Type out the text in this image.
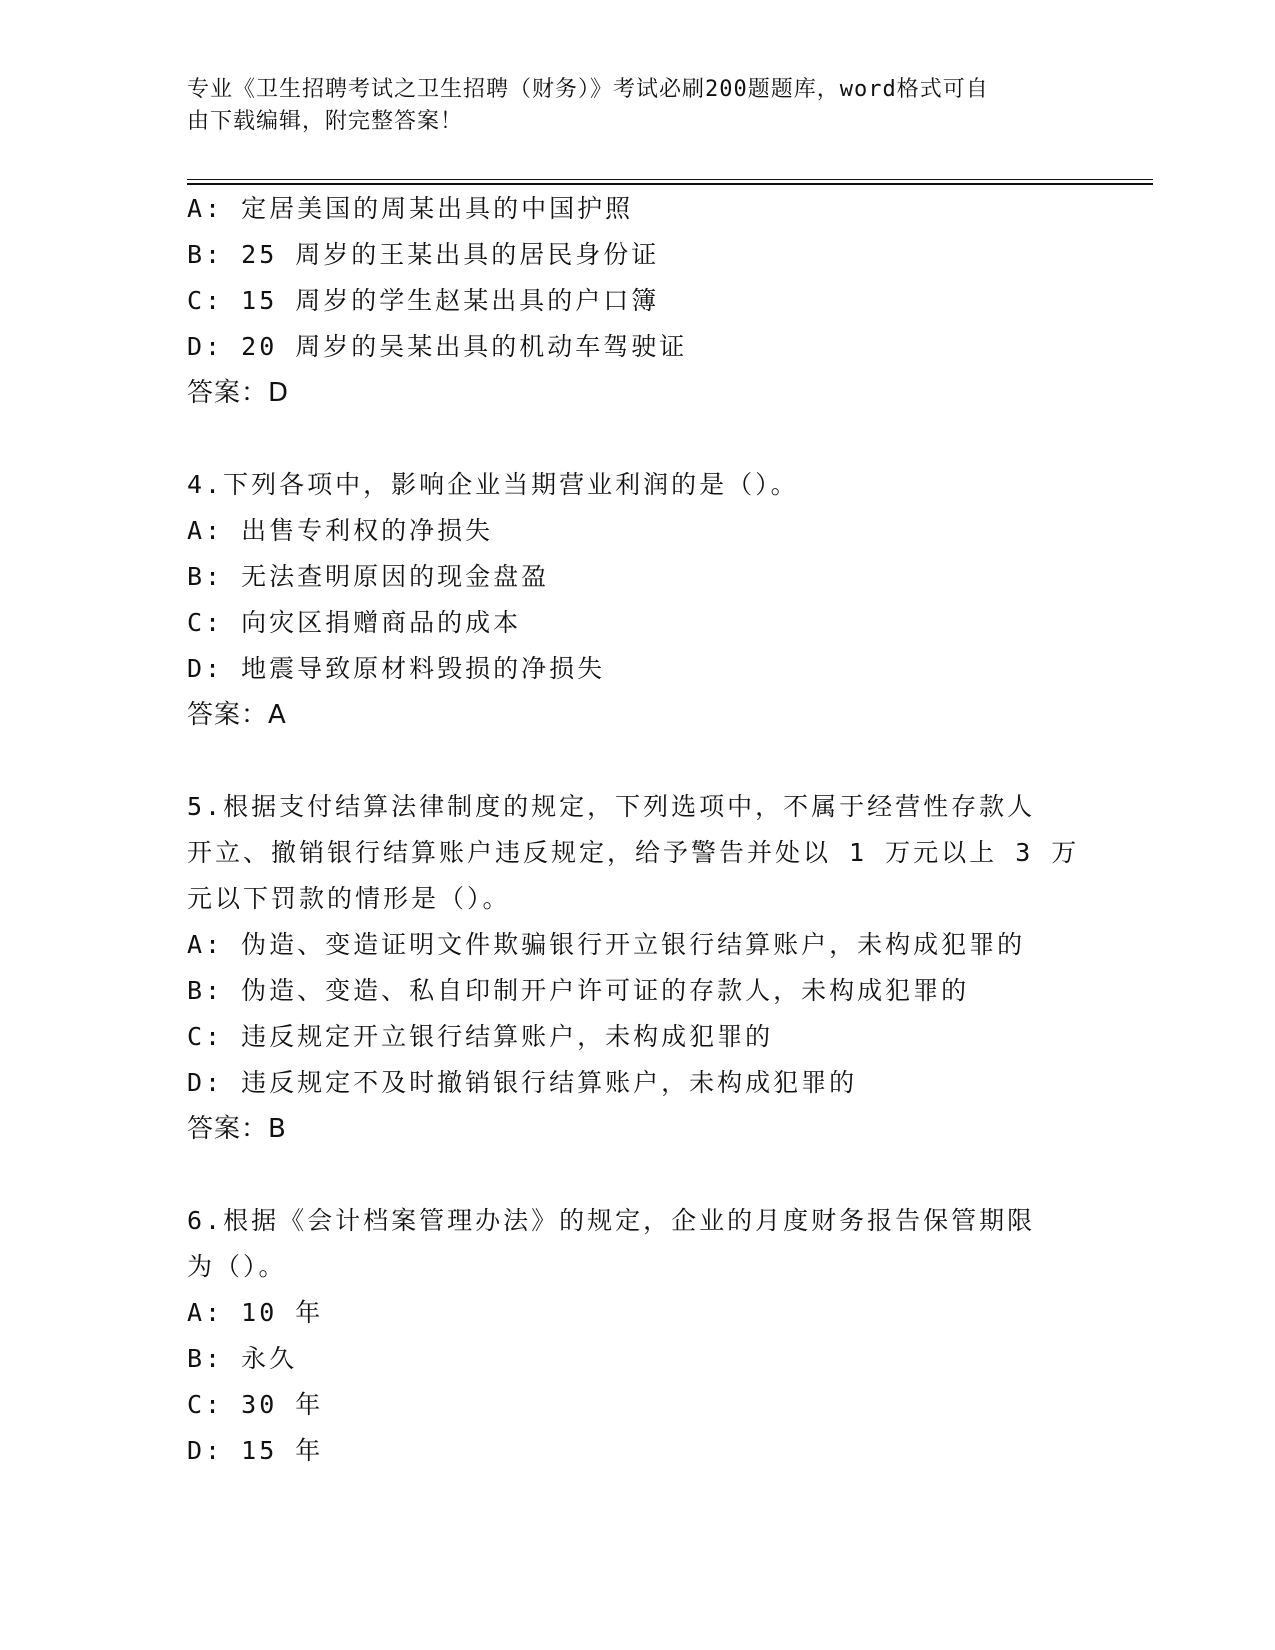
专业《卫生招聘考试之卫生招聘（财务）》考试必刷200题题库，word格式可自
由下载编辑，附完整答案！
A: 定居美国的周某出具的中国护照
B: 25 周岁的王某出具的居民身份证
C: 15 周岁的学生赵某出具的户口簿
D: 20 周岁的吴某出具的机动车驾驶证
答案：D
4.下列各项中，影响企业当期营业利润的是（）。
A: 出售专利权的净损失
B: 无法查明原因的现金盘盈
C: 向灾区捐赠商品的成本
D: 地震导致原材料毁损的净损失
答案：A
5.根据支付结算法律制度的规定，下列选项中，不属于经营性存款人
开立、撤销银行结算账户违反规定，给予警告并处以 1 万元以上 3 万
元以下罚款的情形是（）。
A: 伪造、变造证明文件欺骗银行开立银行结算账户，未构成犯罪的
B: 伪造、变造、私自印制开户许可证的存款人，未构成犯罪的
C: 违反规定开立银行结算账户，未构成犯罪的
D: 违反规定不及时撤销银行结算账户，未构成犯罪的
答案：B
6.根据《会计档案管理办法》的规定，企业的月度财务报告保管期限
为（）。
A: 10 年
B: 永久
C: 30 年
D: 15 年
